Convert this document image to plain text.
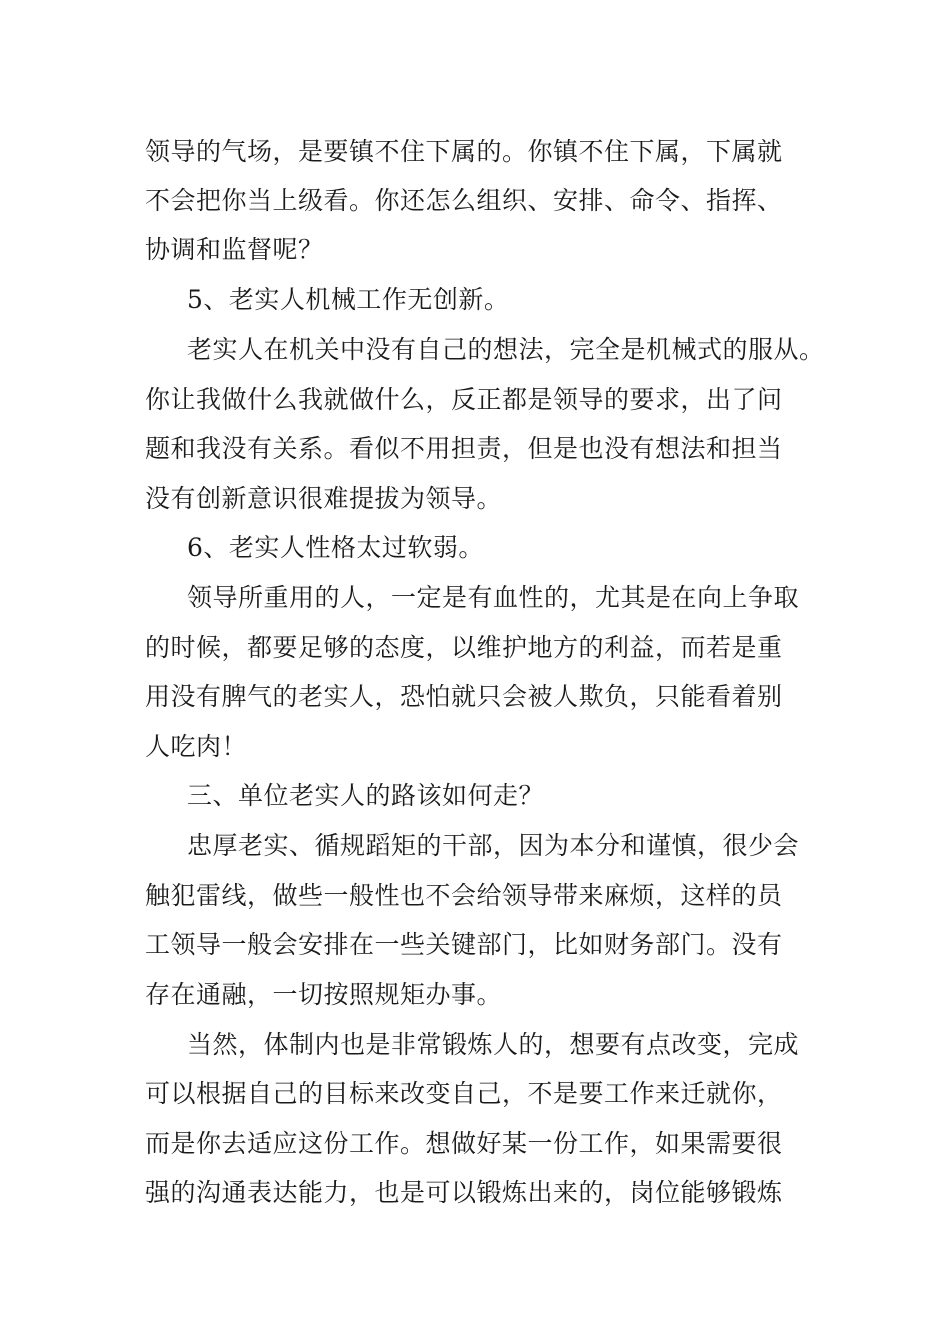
领导的气场，是要镇不住下属的。你镇不住下属，下属就
不会把你当上级看。你还怎么组织、安排、命令、指挥、
协调和监督呢？
5、老实人机械工作无创新。
老实人在机关中没有自己的想法，完全是机械式的服从。
你让我做什么我就做什么，反正都是领导的要求，出了问
题和我没有关系。看似不用担责，但是也没有想法和担当
没有创新意识很难提拔为领导。
6、老实人性格太过软弱。
领导所重用的人，一定是有血性的，尤其是在向上争取
的时候，都要足够的态度，以维护地方的利益，而若是重
用没有脾气的老实人，恐怕就只会被人欺负，只能看着别
人吃肉！
三、单位老实人的路该如何走？
忠厚老实、循规蹈矩的干部，因为本分和谨慎，很少会
触犯雷线，做些一般性也不会给领导带来麻烦，这样的员
工领导一般会安排在一些关键部门，比如财务部门。没有
存在通融，一切按照规矩办事。
当然，体制内也是非常锻炼人的，想要有点改变，完成
可以根据自己的目标来改变自己，不是要工作来迁就你，
而是你去适应这份工作。想做好某一份工作，如果需要很
强的沟通表达能力，也是可以锻炼出来的，岗位能够锻炼
